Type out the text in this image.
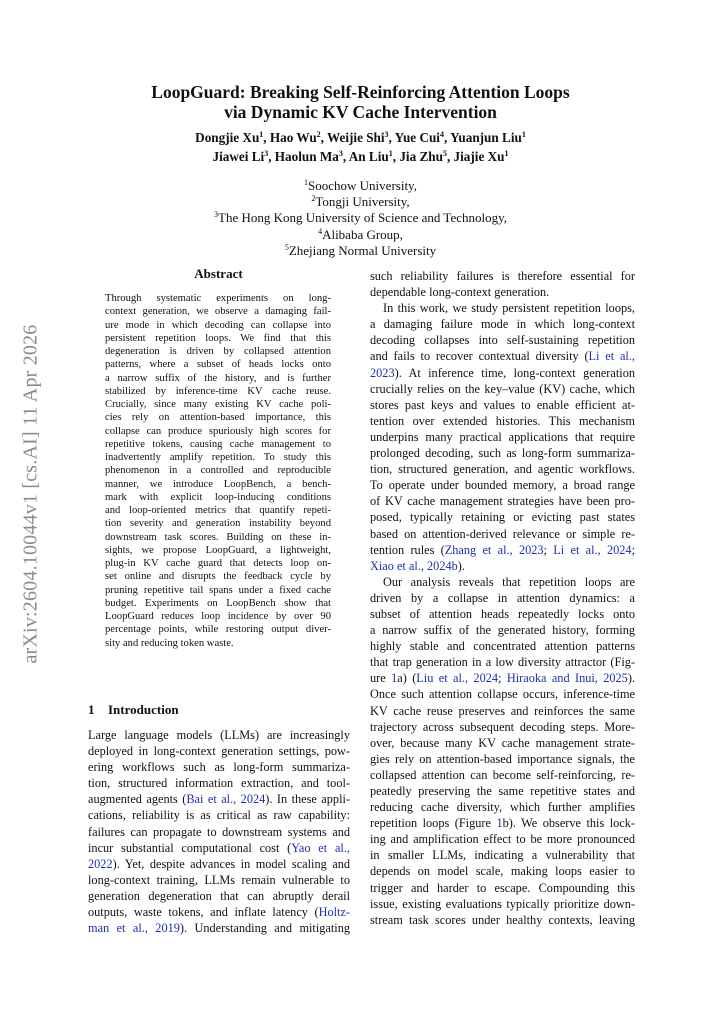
arXiv:2604.10044v1 [cs.AI] 11 Apr 2026
LoopGuard: Breaking Self-Reinforcing Attention Loops
via Dynamic KV Cache Intervention
Dongjie Xu$^1$, Hao Wu$^2$, Weijie Shi$^3$, Yue Cui$^4$, Yuanjun Liu$^1$
Jiawei Li$^3$, Haolun Ma$^3$, An Liu$^1$, Jia Zhu$^5$, Jiajie Xu$^1$
$^1$Soochow University,
$^2$Tongji University,
$^3$The Hong Kong University of Science and Technology,
$^4$Alibaba Group,
$^5$Zhejiang Normal University
Abstract
Through systematic experiments on long-
context generation, we observe a damaging fail-
ure mode in which decoding can collapse into
persistent repetition loops. We find that this
degeneration is driven by collapsed attention
patterns, where a subset of heads locks onto
a narrow suffix of the history, and is further
stabilized by inference-time KV cache reuse.
Crucially, since many existing KV cache poli-
cies rely on attention-based importance, this
collapse can produce spuriously high scores for
repetitive tokens, causing cache management to
inadvertently amplify repetition. To study this
phenomenon in a controlled and reproducible
manner, we introduce LoopBench, a bench-
mark with explicit loop-inducing conditions
and loop-oriented metrics that quantify repeti-
tion severity and generation instability beyond
downstream task scores. Building on these in-
sights, we propose LoopGuard, a lightweight,
plug-in KV cache guard that detects loop on-
set online and disrupts the feedback cycle by
pruning repetitive tail spans under a fixed cache
budget. Experiments on LoopBench show that
LoopGuard reduces loop incidence by over 90
percentage points, while restoring output diver-
sity and reducing token waste.
1 Introduction
Large language models (LLMs) are increasingly
deployed in long-context generation settings, pow-
ering workflows such as long-form summariza-
tion, structured information extraction, and tool-
augmented agents (Bai et al., 2024). In these appli-
cations, reliability is as critical as raw capability:
failures can propagate to downstream systems and
incur substantial computational cost (Yao et al.,
2022). Yet, despite advances in model scaling and
long-context training, LLMs remain vulnerable to
generation degeneration that can abruptly derail
outputs, waste tokens, and inflate latency (Holtz-
man et al., 2019). Understanding and mitigating
such reliability failures is therefore essential for
dependable long-context generation.
In this work, we study persistent repetition loops,
a damaging failure mode in which long-context
decoding collapses into self-sustaining repetition
and fails to recover contextual diversity (Li et al.,
2023). At inference time, long-context generation
crucially relies on the key–value (KV) cache, which
stores past keys and values to enable efficient at-
tention over extended histories. This mechanism
underpins many practical applications that require
prolonged decoding, such as long-form summariza-
tion, structured generation, and agentic workflows.
To operate under bounded memory, a broad range
of KV cache management strategies have been pro-
posed, typically retaining or evicting past states
based on attention-derived relevance or simple re-
tention rules (Zhang et al., 2023; Li et al., 2024;
Xiao et al., 2024b).
Our analysis reveals that repetition loops are
driven by a collapse in attention dynamics: a
subset of attention heads repeatedly locks onto
a narrow suffix of the generated history, forming
highly stable and concentrated attention patterns
that trap generation in a low diversity attractor (Fig-
ure 1a) (Liu et al., 2024; Hiraoka and Inui, 2025).
Once such attention collapse occurs, inference-time
KV cache reuse preserves and reinforces the same
trajectory across subsequent decoding steps. More-
over, because many KV cache management strate-
gies rely on attention-based importance signals, the
collapsed attention can become self-reinforcing, re-
peatedly preserving the same repetitive states and
reducing cache diversity, which further amplifies
repetition loops (Figure 1b). We observe this lock-
ing and amplification effect to be more pronounced
in smaller LLMs, indicating a vulnerability that
depends on model scale, making loops easier to
trigger and harder to escape. Compounding this
issue, existing evaluations typically prioritize down-
stream task scores under healthy contexts, leaving
